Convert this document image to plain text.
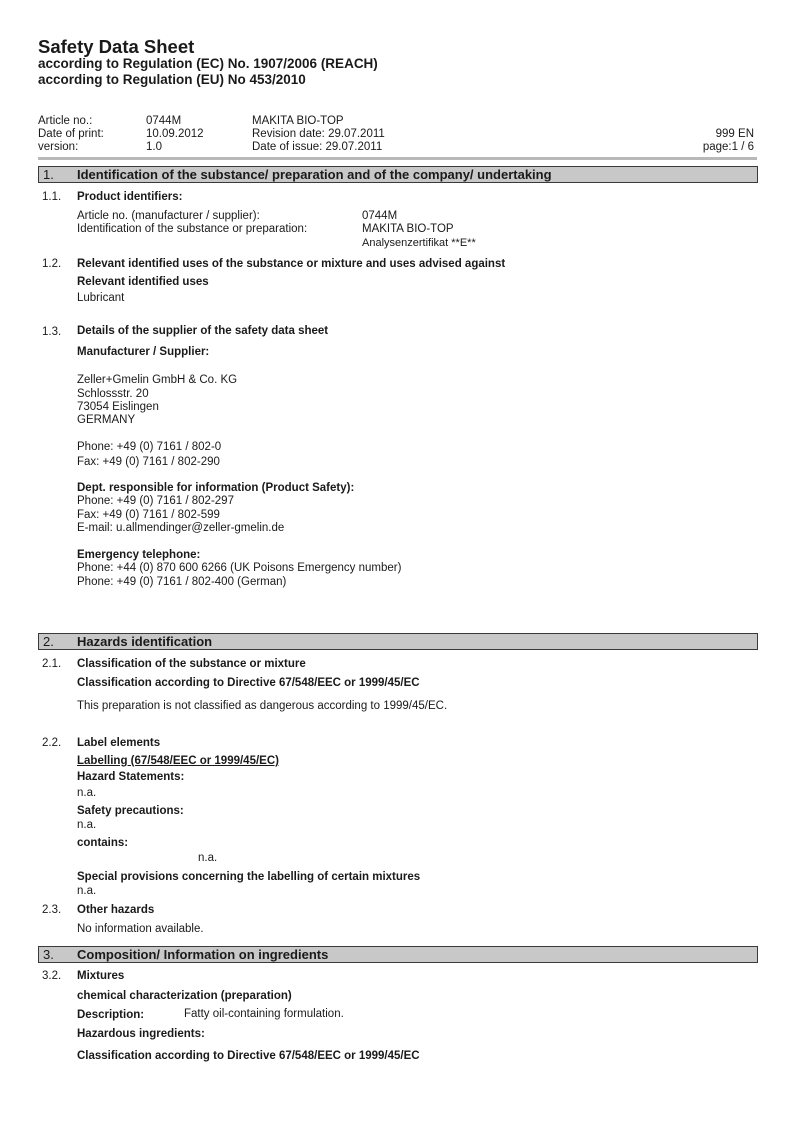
Safety Data Sheet
according to Regulation (EC) No. 1907/2006 (REACH)
according to Regulation (EU) No 453/2010
Article no.:	0744M	MAKITA BIO-TOP
Date of print:	10.09.2012	Revision date: 29.07.2011	999 EN
version:	1.0	Date of issue: 29.07.2011	page:1 / 6
1. Identification of the substance/ preparation and of the company/ undertaking
1.1. Product identifiers:
Article no. (manufacturer / supplier):	0744M
Identification of the substance or preparation:	MAKITA BIO-TOP
Analysenzertifikat **E**
1.2. Relevant identified uses of the substance or mixture and uses advised against
Relevant identified uses
Lubricant
1.3. Details of the supplier of the safety data sheet
Manufacturer / Supplier:
Zeller+Gmelin GmbH & Co. KG
Schlossstr. 20
73054 Eislingen
GERMANY
Phone: +49 (0) 7161 / 802-0
Fax: +49 (0) 7161 / 802-290
Dept. responsible for information (Product Safety):
Phone: +49 (0) 7161 / 802-297
Fax: +49 (0) 7161 / 802-599
E-mail: u.allmendinger@zeller-gmelin.de
Emergency telephone:
Phone: +44 (0) 870 600 6266 (UK Poisons Emergency number)
Phone: +49 (0) 7161 / 802-400 (German)
2. Hazards identification
2.1. Classification of the substance or mixture
Classification according to Directive 67/548/EEC or 1999/45/EC
This preparation is not classified as dangerous according to 1999/45/EC.
2.2. Label elements
Labelling (67/548/EEC or 1999/45/EC)
Hazard Statements:
n.a.
Safety precautions:
n.a.
contains:
n.a.
Special provisions concerning the labelling of certain mixtures
n.a.
2.3. Other hazards
No information available.
3. Composition/ Information on ingredients
3.2. Mixtures
chemical characterization (preparation)
Description:	Fatty oil-containing formulation.
Hazardous ingredients:
Classification according to Directive 67/548/EEC or 1999/45/EC
